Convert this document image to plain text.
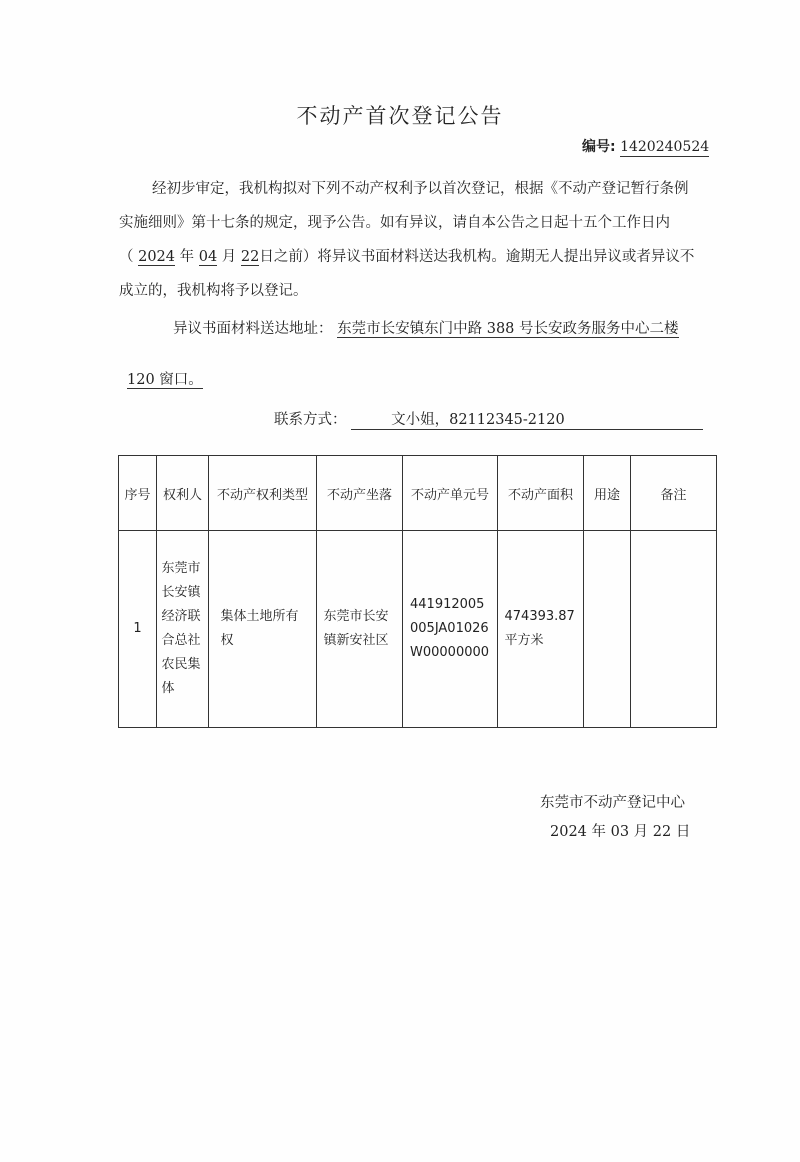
不动产首次登记公告
编号: 1420240524
经初步审定，我机构拟对下列不动产权利予以首次登记，根据《不动产登记暂行条例
实施细则》第十七条的规定，现予公告。如有异议，请自本公告之日起十五个工作日内
（ 2024 年 04 月 22日之前）将异议书面材料送达我机构。逾期无人提出异议或者异议不
成立的，我机构将予以登记。
异议书面材料送达地址： 东莞市长安镇东门中路 388 号长安政务服务中心二楼
120 窗口。
联系方式：	文小姐，82112345-2120
序号	权利人	不动产权利类型	不动产坐落	不动产单元号	不动产面积	用途	备注
1	东莞市长安镇经济联合总社农民集体	集体土地所有权	东莞市长安镇新安社区	441912005005JA01026W00000000	474393.87平方米		
东莞市不动产登记中心
2024 年 03 月 22 日
